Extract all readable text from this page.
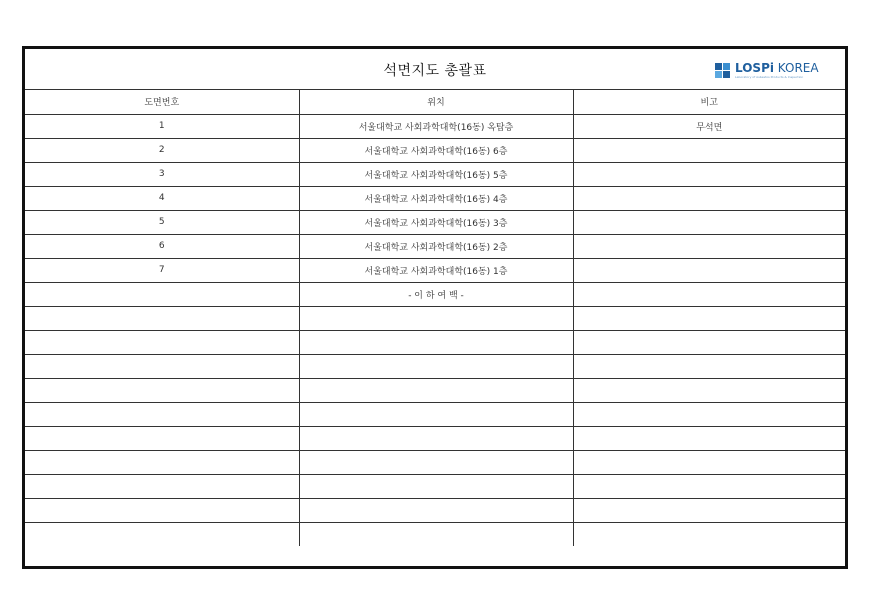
석면지도 총괄표	LOSPi KOREA
Laboratory of Asbestos Products & Inspection
도면번호	위치	비고
1	서울대학교 사회과학대학(16동) 옥탑층	무석면
2	서울대학교 사회과학대학(16동) 6층	
3	서울대학교 사회과학대학(16동) 5층	
4	서울대학교 사회과학대학(16동) 4층	
5	서울대학교 사회과학대학(16동) 3층	
6	서울대학교 사회과학대학(16동) 2층	
7	서울대학교 사회과학대학(16동) 1층	
	- 이 하 여 백 -	
